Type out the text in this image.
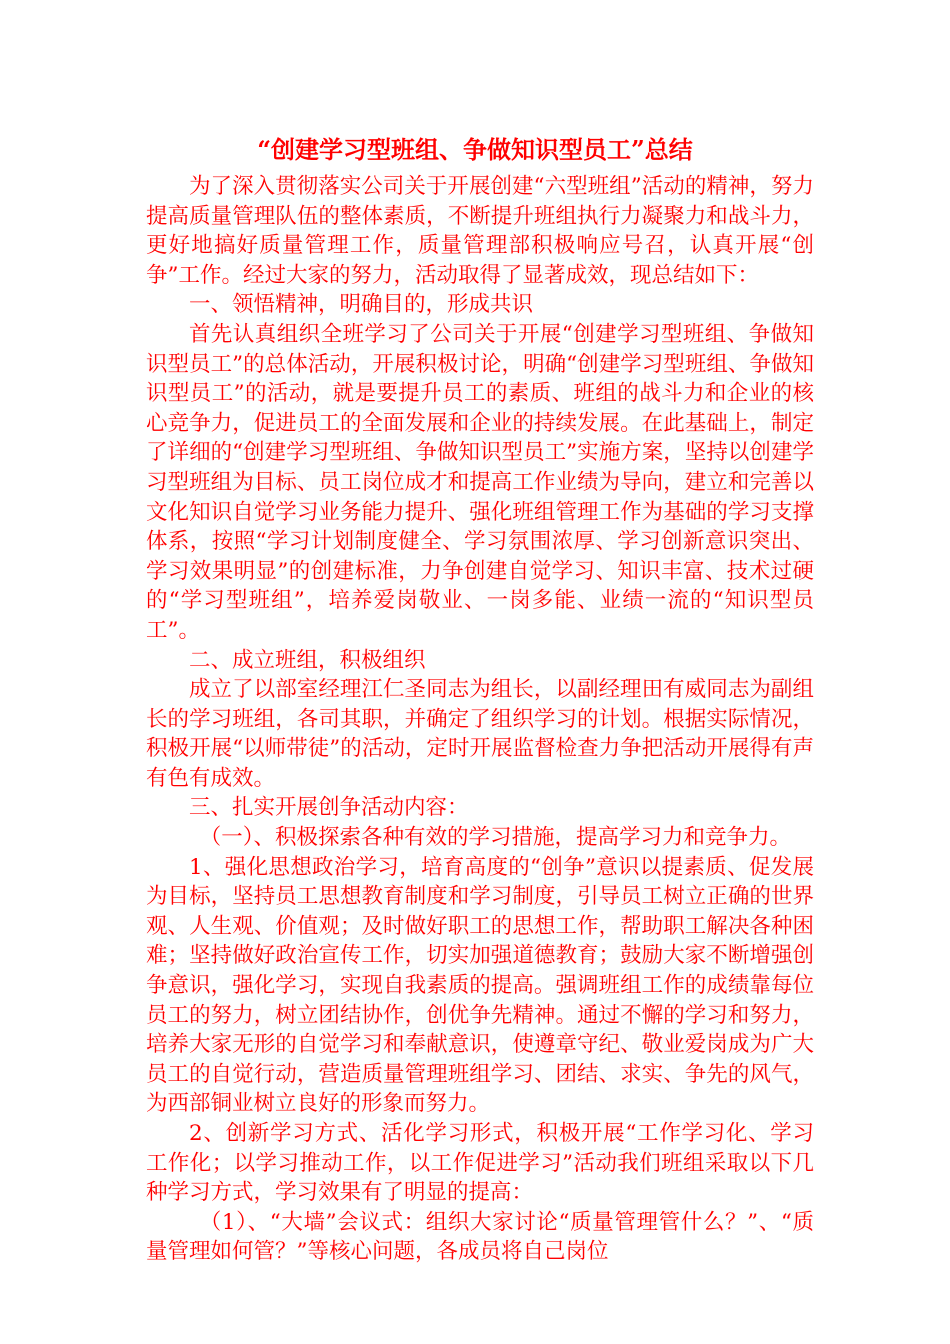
“创建学习型班组、争做知识型员工”总结

为了深入贯彻落实公司关于开展创建“六型班组”活动的精神，努力提高质量管理队伍的整体素质，不断提升班组执行力凝聚力和战斗力，更好地搞好质量管理工作，质量管理部积极响应号召，认真开展“创争”工作。经过大家的努力，活动取得了显著成效，现总结如下：

一、领悟精神，明确目的，形成共识

首先认真组织全班学习了公司关于开展“创建学习型班组、争做知识型员工”的总体活动，开展积极讨论，明确“创建学习型班组、争做知识型员工”的活动，就是要提升员工的素质、班组的战斗力和企业的核心竞争力，促进员工的全面发展和企业的持续发展。在此基础上，制定了详细的“创建学习型班组、争做知识型员工”实施方案，坚持以创建学习型班组为目标、员工岗位成才和提高工作业绩为导向，建立和完善以文化知识自觉学习业务能力提升、强化班组管理工作为基础的学习支撑体系，按照“学习计划制度健全、学习氛围浓厚、学习创新意识突出、学习效果明显”的创建标准，力争创建自觉学习、知识丰富、技术过硬的“学习型班组”，培养爱岗敬业、一岗多能、业绩一流的“知识型员工”。

二、成立班组，积极组织

成立了以部室经理江仁圣同志为组长，以副经理田有威同志为副组长的学习班组，各司其职，并确定了组织学习的计划。根据实际情况，积极开展“以师带徒”的活动，定时开展监督检查力争把活动开展得有声有色有成效。

三、扎实开展创争活动内容：

（一）、积极探索各种有效的学习措施，提高学习力和竞争力。

1、强化思想政治学习，培育高度的“创争”意识以提素质、促发展为目标，坚持员工思想教育制度和学习制度，引导员工树立正确的世界观、人生观、价值观；及时做好职工的思想工作，帮助职工解决各种困难；坚持做好政治宣传工作，切实加强道德教育；鼓励大家不断增强创争意识，强化学习，实现自我素质的提高。强调班组工作的成绩靠每位员工的努力，树立团结协作，创优争先精神。通过不懈的学习和努力，培养大家无形的自觉学习和奉献意识，使遵章守纪、敬业爱岗成为广大员工的自觉行动，营造质量管理班组学习、团结、求实、争先的风气，为西部铜业树立良好的形象而努力。

2、创新学习方式、活化学习形式，积极开展“工作学习化、学习工作化；以学习推动工作，以工作促进学习”活动我们班组采取以下几种学习方式，学习效果有了明显的提高：

（1）、“大墙”会议式：组织大家讨论“质量管理管什么？”、“质量管理如何管？”等核心问题，各成员将自己岗位
